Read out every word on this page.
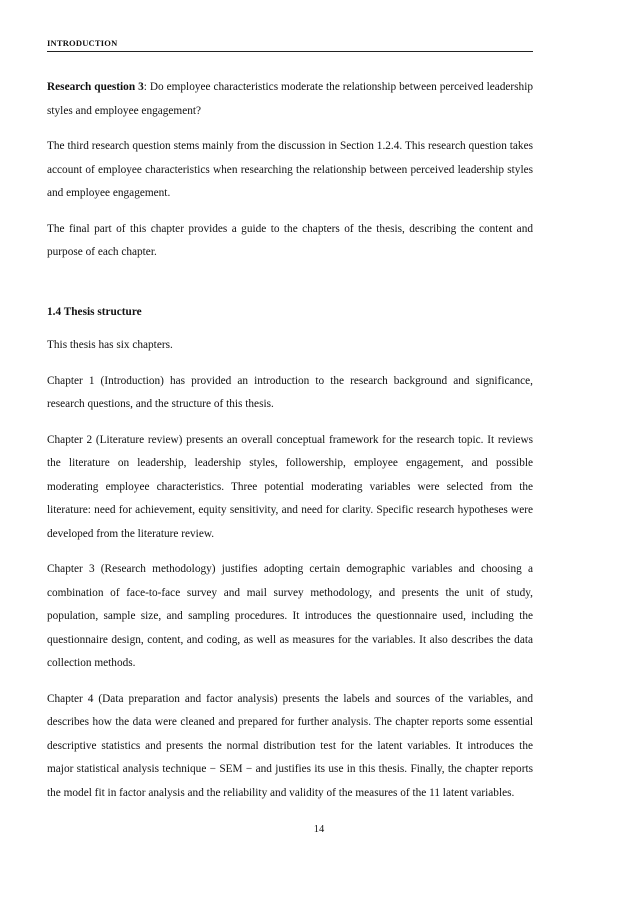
INTRODUCTION

Research question 3: Do employee characteristics moderate the relationship between perceived leadership styles and employee engagement?

The third research question stems mainly from the discussion in Section 1.2.4. This research question takes account of employee characteristics when researching the relationship between perceived leadership styles and employee engagement.

The final part of this chapter provides a guide to the chapters of the thesis, describing the content and purpose of each chapter.

1.4 Thesis structure

This thesis has six chapters.

Chapter 1 (Introduction) has provided an introduction to the research background and significance, research questions, and the structure of this thesis.

Chapter 2 (Literature review) presents an overall conceptual framework for the research topic. It reviews the literature on leadership, leadership styles, followership, employee engagement, and possible moderating employee characteristics. Three potential moderating variables were selected from the literature: need for achievement, equity sensitivity, and need for clarity. Specific research hypotheses were developed from the literature review.

Chapter 3 (Research methodology) justifies adopting certain demographic variables and choosing a combination of face-to-face survey and mail survey methodology, and presents the unit of study, population, sample size, and sampling procedures. It introduces the questionnaire used, including the questionnaire design, content, and coding, as well as measures for the variables. It also describes the data collection methods.

Chapter 4 (Data preparation and factor analysis) presents the labels and sources of the variables, and describes how the data were cleaned and prepared for further analysis. The chapter reports some essential descriptive statistics and presents the normal distribution test for the latent variables. It introduces the major statistical analysis technique − SEM − and justifies its use in this thesis. Finally, the chapter reports the model fit in factor analysis and the reliability and validity of the measures of the 11 latent variables.

14
